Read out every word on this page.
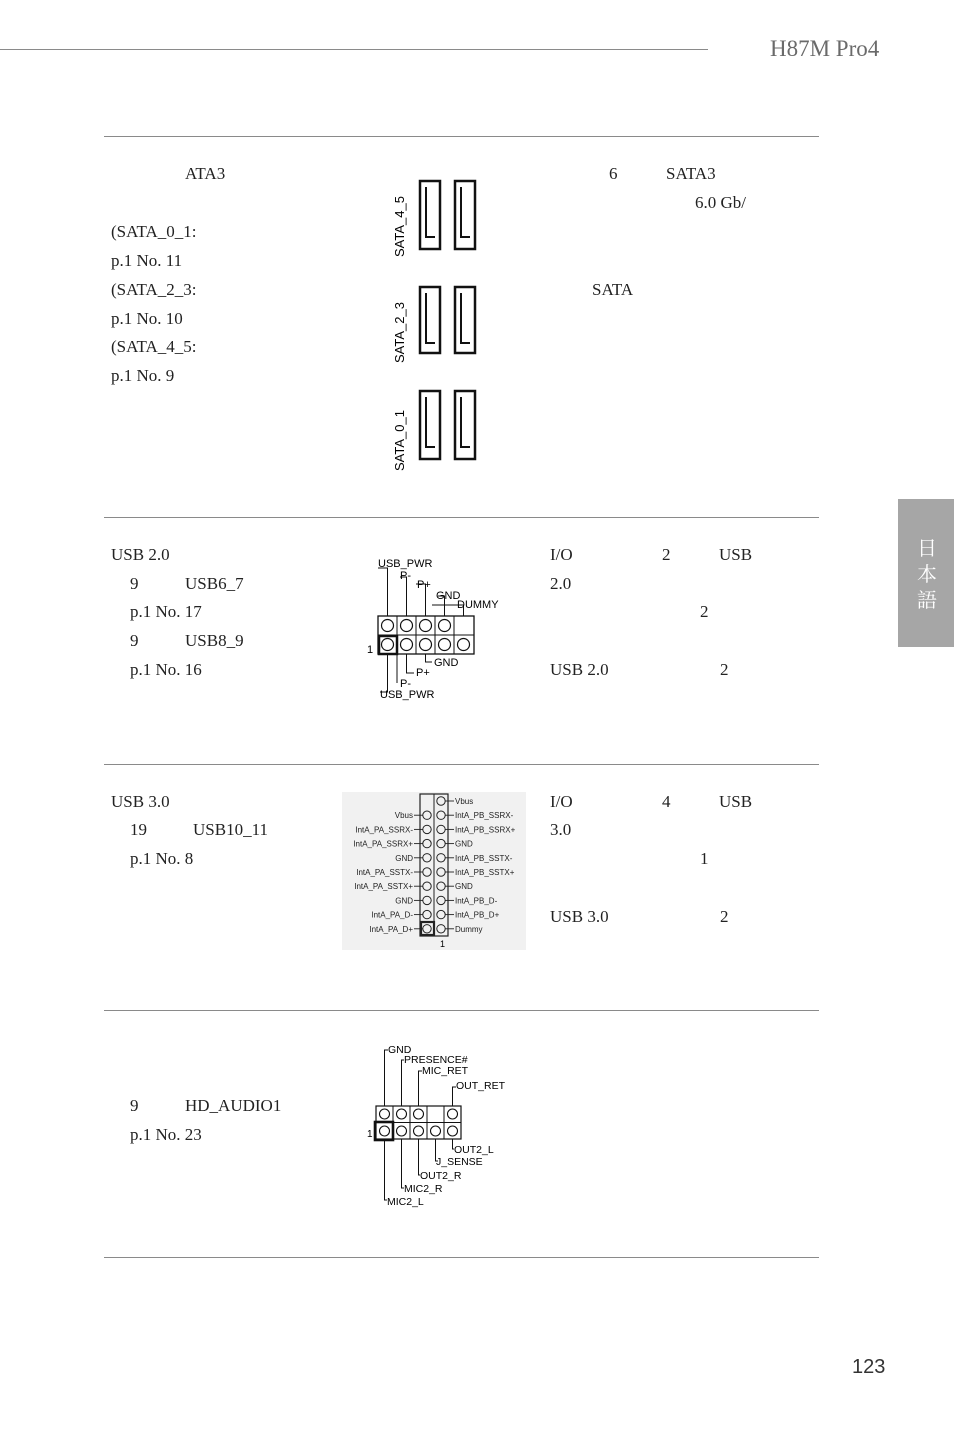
H87M Pro4
日
本
語
ATA3
(SATA_0_1:
p.1 No. 11
(SATA_2_3:
p.1 No. 10
(SATA_4_5:
p.1 No. 9
6	SATA3
6.0 Gb/
SATA
SATA_4_5
SATA_2_3
SATA_0_1
USB 2.0
9	USB6_7
p.1 No. 17
9	USB8_9
p.1 No. 16
I/O	2	USB
2.0
2
USB 2.0	2
USB_PWR
P-
P+
GND
DUMMY
1
GND
P+
P-
USB_PWR
USB 3.0
19	USB10_11
p.1 No. 8
I/O	4	USB
3.0
1
USB 3.0	2
Vbus
IntA_PA_SSRX-
IntA_PA_SSRX+
GND
IntA_PA_SSTX-
IntA_PA_SSTX+
GND
IntA_PA_D-
IntA_PA_D+
Vbus
IntA_PB_SSRX-
IntA_PB_SSRX+
GND
IntA_PB_SSTX-
IntA_PB_SSTX+
GND
IntA_PB_D-
IntA_PB_D+
Dummy
1
9	HD_AUDIO1
p.1 No. 23
GND
PRESENCE#
MIC_RET
OUT_RET
1
OUT2_L
J_SENSE
OUT2_R
MIC2_R
MIC2_L
123
